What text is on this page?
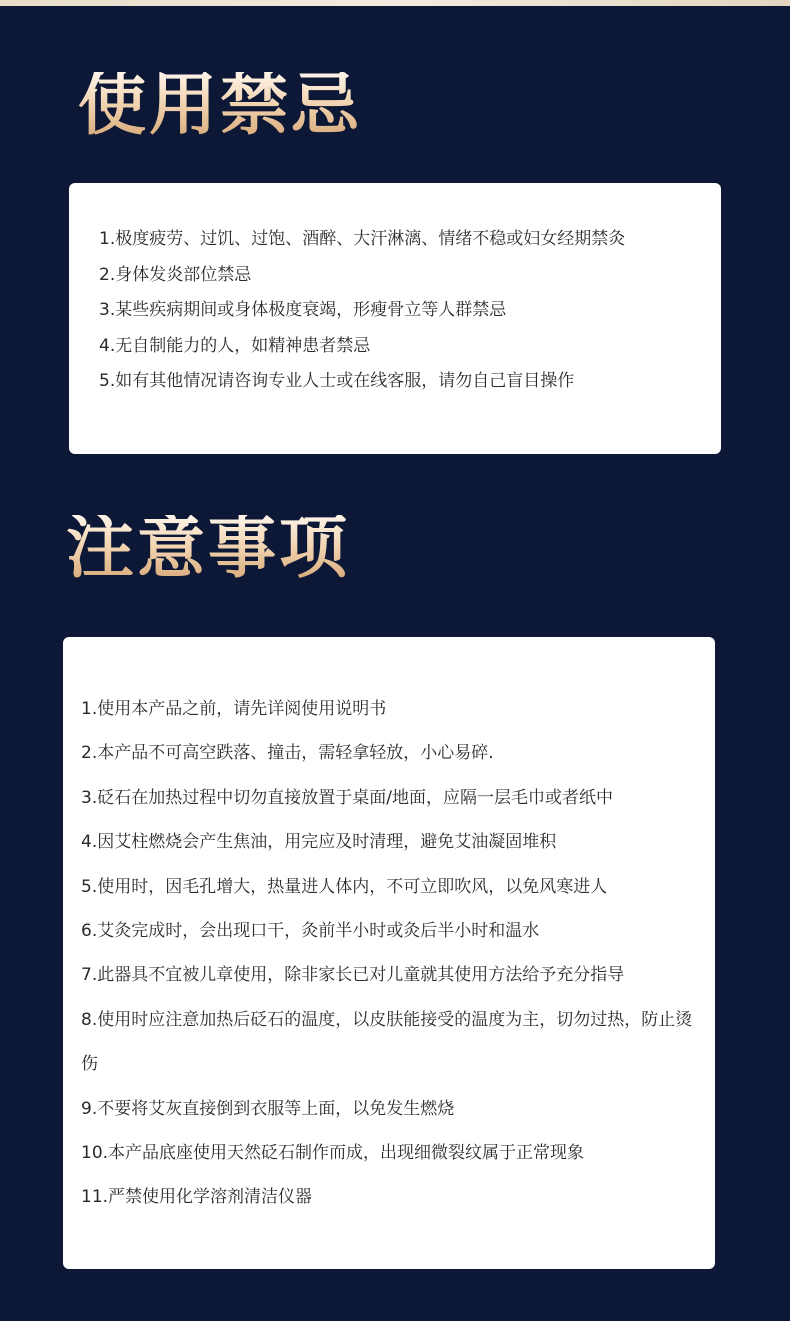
使用禁忌
1.极度疲劳、过饥、过饱、酒醉、大汗淋漓、情绪不稳或妇女经期禁灸
2.身体发炎部位禁忌
3.某些疾病期间或身体极度衰竭，形瘦骨立等人群禁忌
4.无自制能力的人，如精神患者禁忌
5.如有其他情况请咨询专业人士或在线客服，请勿自己盲目操作
注意事项
1.使用本产品之前，请先详阅使用说明书
2.本产品不可高空跌落、撞击，需轻拿轻放，小心易碎.
3.砭石在加热过程中切勿直接放置于桌面/地面，应隔一层毛巾或者纸中
4.因艾柱燃烧会产生焦油，用完应及时清理，避免艾油凝固堆积
5.使用时，因毛孔增大，热量进人体内，不可立即吹风，以免风寒进人
6.艾灸完成时，会出现口干，灸前半小时或灸后半小时和温水
7.此器具不宜被儿章使用，除非家长已对儿童就其使用方法给予充分指导
8.使用时应注意加热后砭石的温度，以皮肤能接受的温度为主，切勿过热，防止烫伤
9.不要将艾灰直接倒到衣服等上面，以免发生燃烧
10.本产品底座使用天然砭石制作而成，出现细微裂纹属于正常现象
11.严禁使用化学溶剂清洁仪器
